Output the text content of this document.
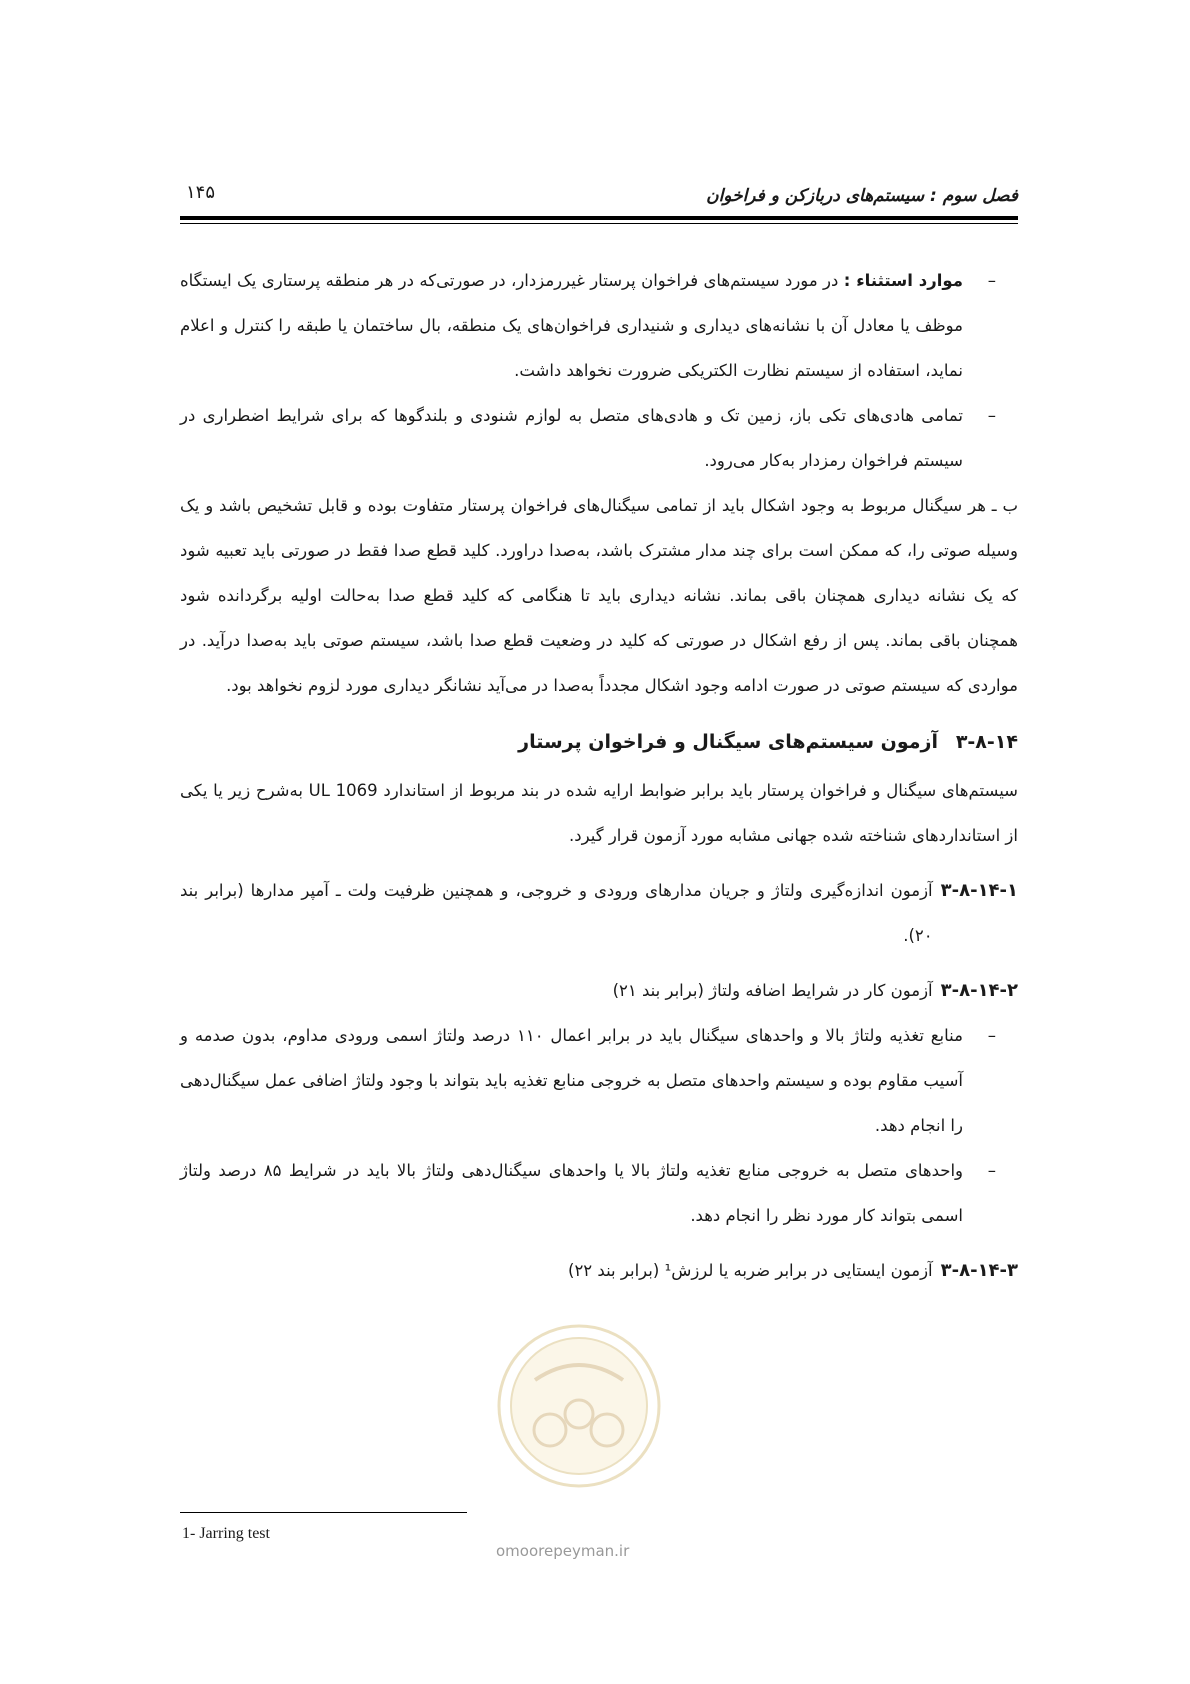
فصل سوم : سیستم‌های دربازکن و فراخوان
۱۴۵

–
موارد استثناء : در مورد سیستم‌های فراخوان پرستار غیررمزدار، در صورتی‌که در هر منطقه پرستاری یک ایستگاه موظف یا معادل آن با نشانه‌های دیداری و شنیداری فراخوان‌های یک منطقه، بال ساختمان یا طبقه را کنترل و اعلام نماید، استفاده از سیستم نظارت الکتریکی ضرورت نخواهد داشت.

–
تمامی هادی‌های تکی باز، زمین تک و هادی‌های متصل به لوازم شنودی و بلندگوها که برای شرایط اضطراری در سیستم فراخوان رمزدار به‌کار می‌رود.

ب ـ هر سیگنال مربوط به وجود اشکال باید از تمامی سیگنال‌های فراخوان پرستار متفاوت بوده و قابل تشخیص باشد و یک وسیله صوتی را، که ممکن است برای چند مدار مشترک باشد، به‌صدا دراورد. کلید قطع صدا فقط در صورتی باید تعبیه شود که یک نشانه دیداری همچنان باقی بماند. نشانه دیداری باید تا هنگامی که کلید قطع صدا به‌حالت اولیه برگردانده شود همچنان باقی بماند. پس از رفع اشکال در صورتی که کلید در وضعیت قطع صدا باشد، سیستم صوتی باید به‌صدا درآید. در مواردی که سیستم صوتی در صورت ادامه وجود اشکال مجدداً به‌صدا در می‌آید نشانگر دیداری مورد لزوم نخواهد بود.

۳-۸-۱۴
آزمون سیستم‌های سیگنال و فراخوان پرستار

سیستم‌های سیگنال و فراخوان پرستار باید برابر ضوابط ارایه شده در بند مربوط از استاندارد UL 1069 به‌شرح زیر یا یکی از استانداردهای شناخته شده جهانی مشابه مورد آزمون قرار گیرد.

۳-۸-۱۴-۱
آزمون اندازه‌گیری ولتاژ و جریان مدارهای ورودی و خروجی، و همچنین ظرفیت ولت ـ آمپر مدارها (برابر بند ۲۰).
۳-۸-۱۴-۲
آزمون کار در شرایط اضافه ولتاژ (برابر بند ۲۱)

–
منابع تغذیه ولتاژ بالا و واحدهای سیگنال باید در برابر اعمال ۱۱۰ درصد ولتاژ اسمی ورودی مداوم، بدون صدمه و آسیب مقاوم بوده و سیستم واحدهای متصل به خروجی منابع تغذیه باید بتواند با وجود ولتاژ اضافی عمل سیگنال‌دهی را انجام دهد.

–
واحدهای متصل به خروجی منابع تغذیه ولتاژ بالا یا واحدهای سیگنال‌دهی ولتاژ بالا باید در شرایط ۸۵ درصد ولتاژ اسمی بتواند کار مورد نظر را انجام دهد.

۳-۸-۱۴-۳
آزمون ایستایی در برابر ضربه یا لرزش¹ (برابر بند ۲۲)
1- Jarring test
omoorepeyman.ir
